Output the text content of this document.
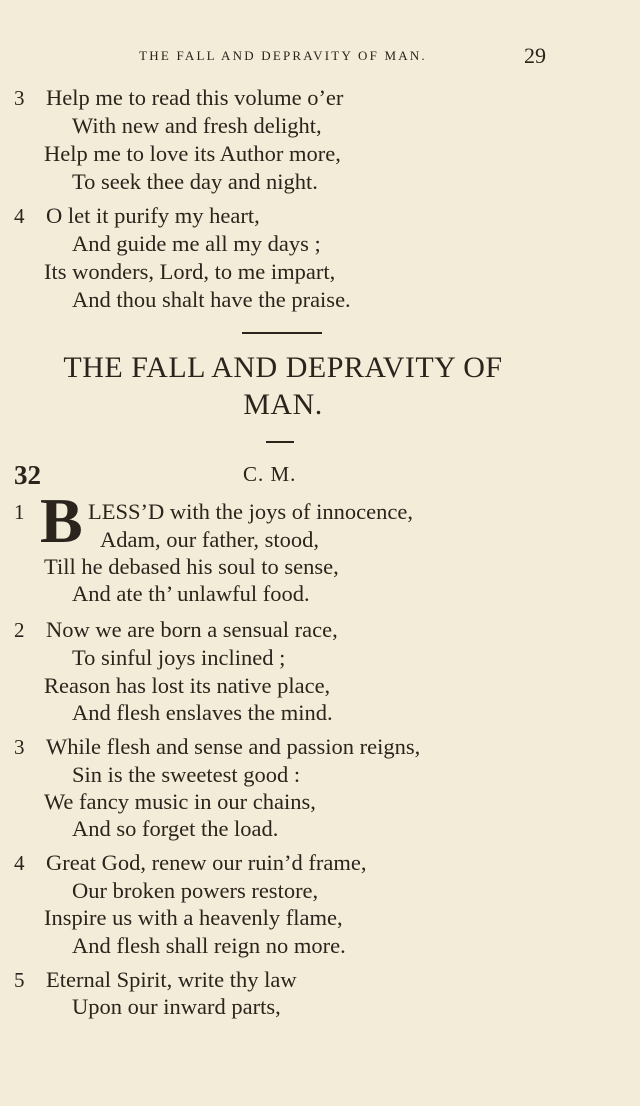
THE FALL AND DEPRAVITY OF MAN.	29
3 Help me to read this volume o’er
With new and fresh delight,
Help me to love its Author more,
To seek thee day and night.
4 O let it purify my heart,
And guide me all my days ;
Its wonders, Lord, to me impart,
And thou shalt have the praise.
THE FALL AND DEPRAVITY OF
MAN.
32	C. M.
1 B LESS’D with the joys of innocence,
Adam, our father, stood,
Till he debased his soul to sense,
And ate th’ unlawful food.
2 Now we are born a sensual race,
To sinful joys inclined ;
Reason has lost its native place,
And flesh enslaves the mind.
3 While flesh and sense and passion reigns,
Sin is the sweetest good :
We fancy music in our chains,
And so forget the load.
4 Great God, renew our ruin’d frame,
Our broken powers restore,
Inspire us with a heavenly flame,
And flesh shall reign no more.
5 Eternal Spirit, write thy law
Upon our inward parts,
